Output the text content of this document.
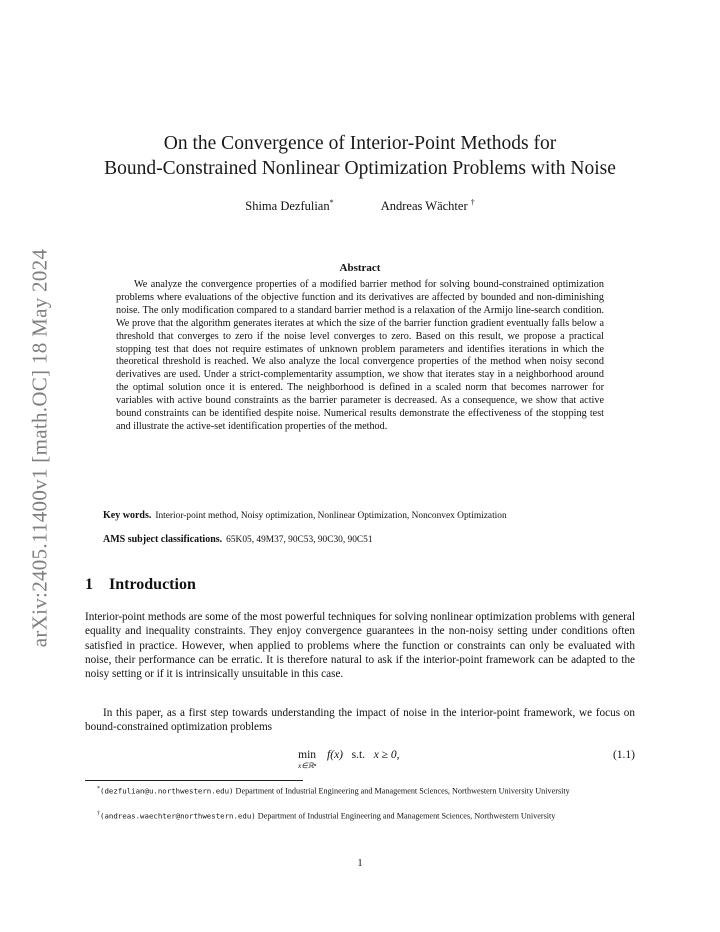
arXiv:2405.11400v1 [math.OC] 18 May 2024
On the Convergence of Interior-Point Methods for
Bound-Constrained Nonlinear Optimization Problems with Noise
Shima Dezfulian*	Andreas Wächter †
Abstract
We analyze the convergence properties of a modified barrier method for solving bound-constrained optimization problems where evaluations of the objective function and its derivatives are affected by bounded and non-diminishing noise. The only modification compared to a standard barrier method is a relaxation of the Armijo line-search condition. We prove that the algorithm generates iterates at which the size of the barrier function gradient eventually falls below a threshold that converges to zero if the noise level converges to zero. Based on this result, we propose a practical stopping test that does not require estimates of unknown problem parameters and identifies iterations in which the theoretical threshold is reached. We also analyze the local convergence properties of the method when noisy second derivatives are used. Under a strict-complementarity assumption, we show that iterates stay in a neighborhood around the optimal solution once it is entered. The neighborhood is defined in a scaled norm that becomes narrower for variables with active bound constraints as the barrier parameter is decreased. As a consequence, we show that active bound constraints can be identified despite noise. Numerical results demonstrate the effectiveness of the stopping test and illustrate the active-set identification properties of the method.
Key words. Interior-point method, Noisy optimization, Nonlinear Optimization, Nonconvex Optimization
AMS subject classifications. 65K05, 49M37, 90C53, 90C30, 90C51
1 Introduction
Interior-point methods are some of the most powerful techniques for solving nonlinear optimization problems with general equality and inequality constraints. They enjoy convergence guarantees in the non-noisy setting under conditions often satisfied in practice. However, when applied to problems where the function or constraints can only be evaluated with noise, their performance can be erratic. It is therefore natural to ask if the interior-point framework can be adapted to the noisy setting or if it is intrinsically unsuitable in this case.
In this paper, as a first step towards understanding the impact of noise in the interior-point framework, we focus on bound-constrained optimization problems
min
x∈ℝⁿ
f(x) s.t. x ≥ 0,	(1.1)
*(dezfulian@u.northwestern.edu) Department of Industrial Engineering and Management Sciences, Northwestern University University
†(andreas.waechter@northwestern.edu) Department of Industrial Engineering and Management Sciences, Northwestern University
1
